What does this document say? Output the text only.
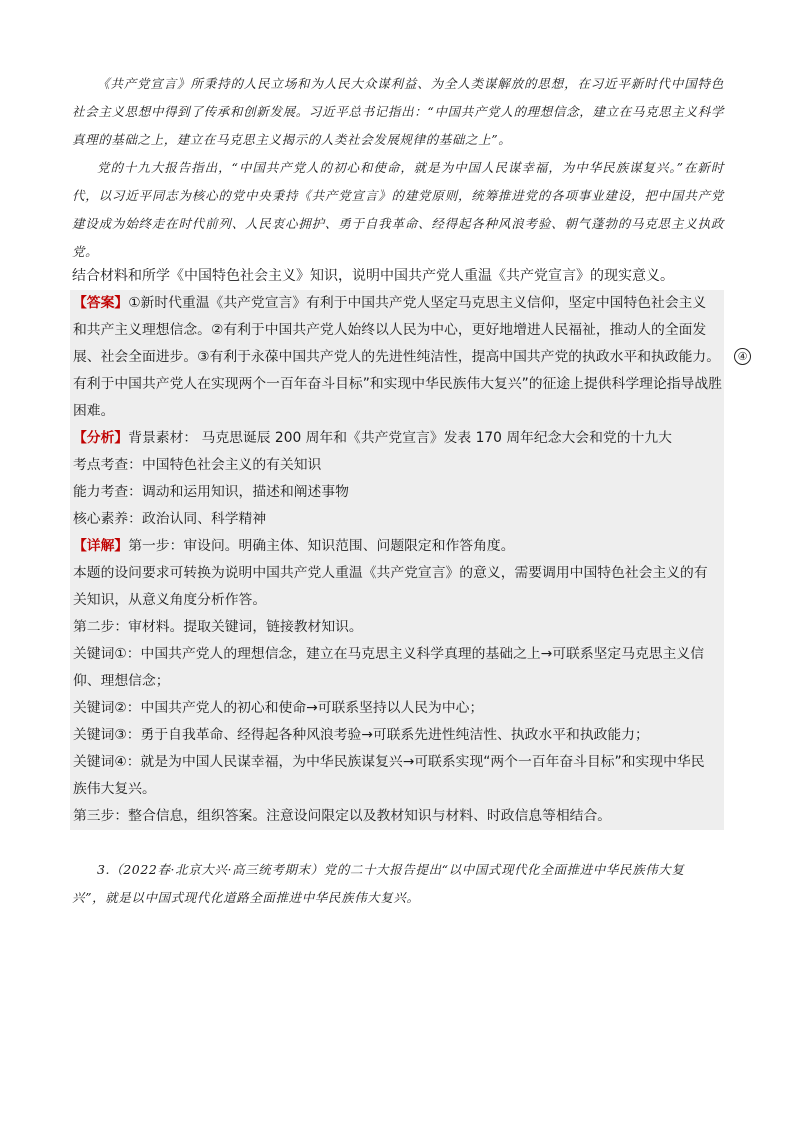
《共产党宣言》所秉持的人民立场和为人民大众谋利益、为全人类谋解放的思想，在习近平新时代中国特色社会主义思想中得到了传承和创新发展。习近平总书记指出：“中国共产党人的理想信念，建立在马克思主义科学真理的基础之上，建立在马克思主义揭示的人类社会发展规律的基础之上”。

党的十九大报告指出，“中国共产党人的初心和使命，就是为中国人民谋幸福，为中华民族谋复兴。”在新时代，以习近平同志为核心的党中央秉持《共产党宣言》的建党原则，统筹推进党的各项事业建设，把中国共产党建设成为始终走在时代前列、人民衷心拥护、勇于自我革命、经得起各种风浪考验、朝气蓬勃的马克思主义执政党。

结合材料和所学《中国特色社会主义》知识，说明中国共产党人重温《共产党宣言》的现实意义。
【答案】①新时代重温《共产党宣言》有利于中国共产党人坚定马克思主义信仰，坚定中国特色社会主义
和共产主义理想信念。②有利于中国共产党人始终以人民为中心，更好地增进人民福祉，推动人的全面发
展、社会全面进步。③有利于永葆中国共产党人的先进性纯洁性，提高中国共产党的执政水平和执政能力。
有利于中国共产党人在实现两个一百年奋斗目标”和实现中华民族伟大复兴”的征途上提供科学理论指导战胜
困难。
【分析】背景素材： 马克思诞辰 200 周年和《共产党宣言》发表 170 周年纪念大会和党的十九大
考点考查：中国特色社会主义的有关知识
能力考查：调动和运用知识，描述和阐述事物
核心素养：政治认同、科学精神
【详解】第一步：审设问。明确主体、知识范围、问题限定和作答角度。
本题的设问要求可转换为说明中国共产党人重温《共产党宣言》的意义，需要调用中国特色社会主义的有
关知识，从意义角度分析作答。
第二步：审材料。提取关键词，链接教材知识。
关键词①：中国共产党人的理想信念，建立在马克思主义科学真理的基础之上→可联系坚定马克思主义信
仰、理想信念；
关键词②：中国共产党人的初心和使命→可联系坚持以人民为中心；
关键词③：勇于自我革命、经得起各种风浪考验→可联系先进性纯洁性、执政水平和执政能力；
关键词④：就是为中国人民谋幸福，为中华民族谋复兴→可联系实现“两个一百年奋斗目标”和实现中华民
族伟大复兴。
第三步：整合信息，组织答案。注意设问限定以及教材知识与材料、时政信息等相结合。
④

3.（2022春·北京大兴·高三统考期末）党的二十大报告提出“以中国式现代化全面推进中华民族伟大复

兴”，就是以中国式现代化道路全面推进中华民族伟大复兴。
